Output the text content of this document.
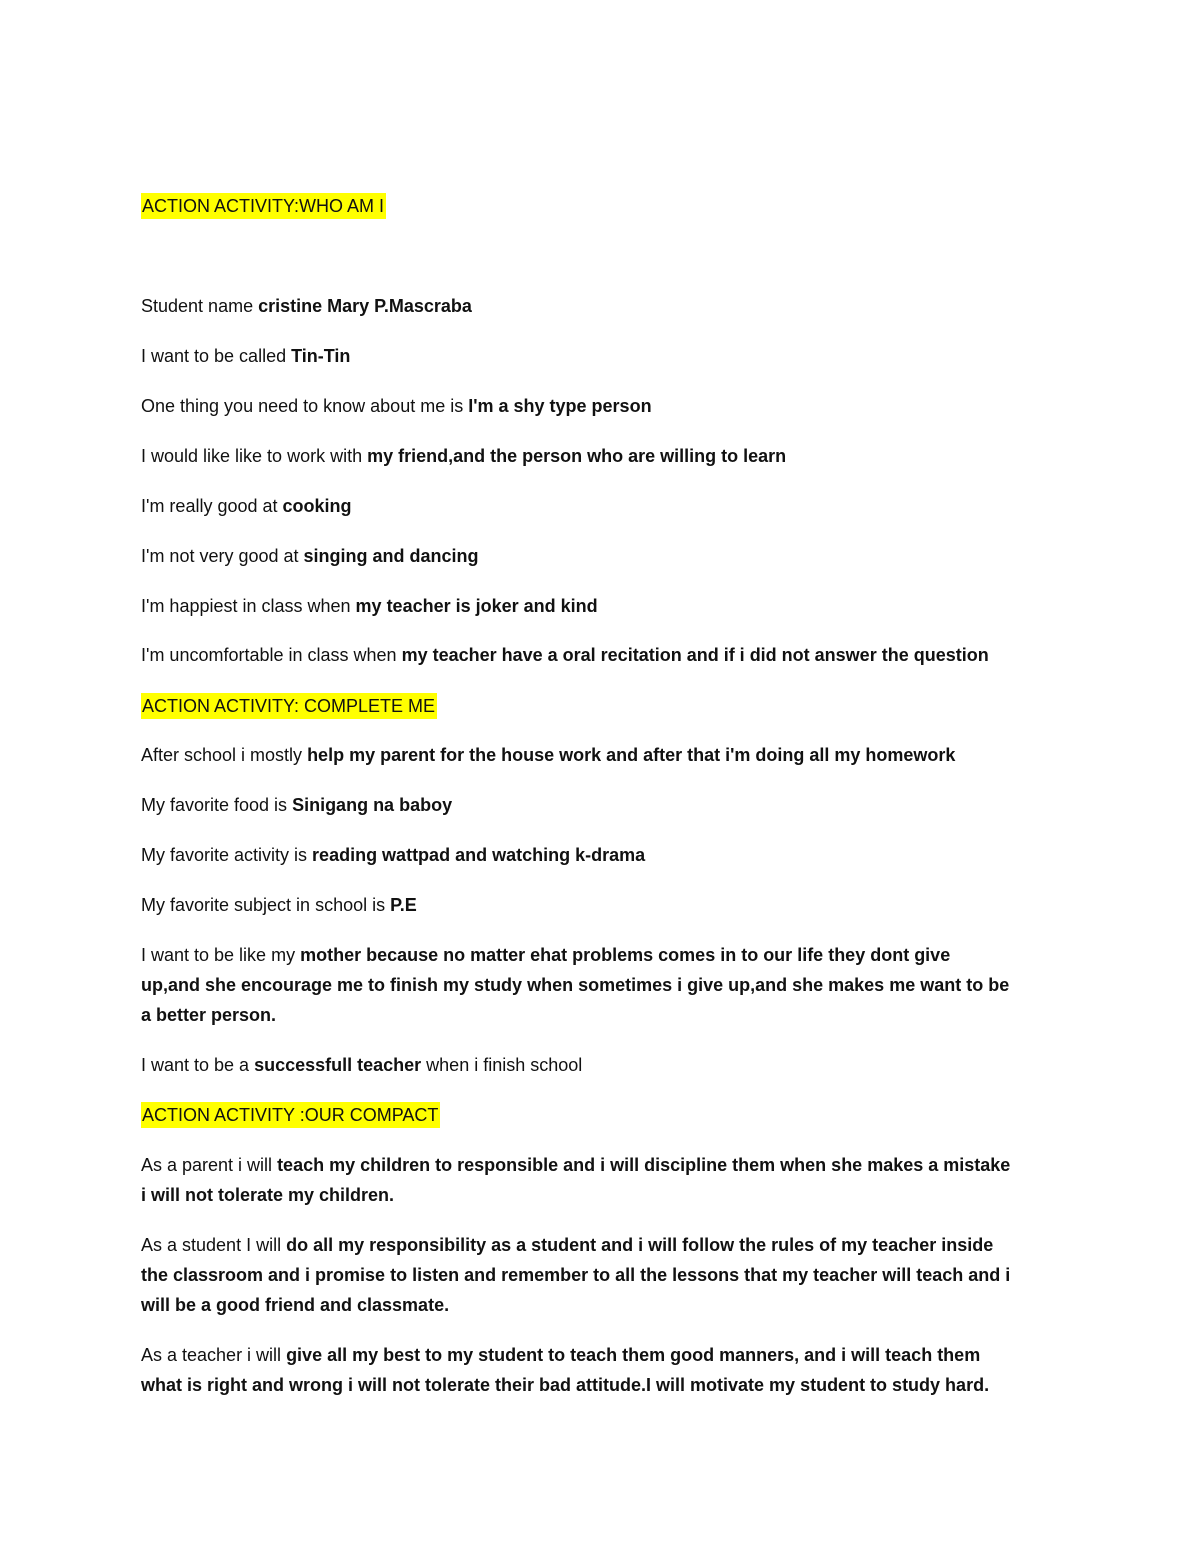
ACTION ACTIVITY:WHO AM I
Student name cristine Mary P.Mascraba
I want to be called Tin-Tin
One thing you need to know about me is I'm a shy type person
I would like like to work with my friend,and the person who are willing to learn
I'm really good at cooking
I'm not very good at singing and dancing
I'm happiest in class when my teacher is joker and kind
I'm uncomfortable in class when my teacher have a oral recitation and if i did not answer the question
ACTION ACTIVITY: COMPLETE ME
After school i mostly help my parent for the house work and after that i'm doing all my homework
My favorite food is Sinigang na baboy
My favorite activity is reading wattpad and watching k-drama
My favorite subject in school is P.E
I want to be like my mother because no matter ehat problems comes in to our life they dont give
up,and she encourage me to finish my study when sometimes i give up,and she makes me want to be
a better person.
I want to be a successfull teacher when i finish school
ACTION ACTIVITY :OUR COMPACT
As a parent i will teach my children to responsible and i will discipline them when she makes a mistake
i will not tolerate my children.
As a student I will do all my responsibility as a student and i will follow the rules of my teacher inside
the classroom and i promise to listen and remember to all the lessons that my teacher will teach and i
will be a good friend and classmate.
As a teacher i will give all my best to my student to teach them good manners, and i will teach them
what is right and wrong i will not tolerate their bad attitude.I will motivate my student to study hard.
